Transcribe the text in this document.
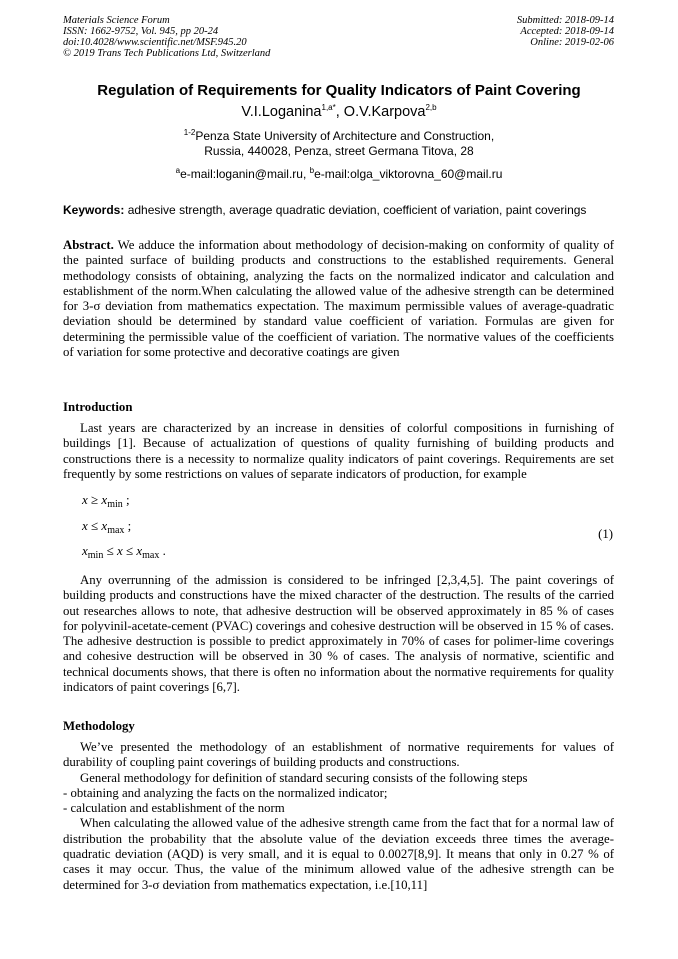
Materials Science Forum
ISSN: 1662-9752, Vol. 945, pp 20-24
doi:10.4028/www.scientific.net/MSF.945.20
© 2019 Trans Tech Publications Ltd, Switzerland
Submitted: 2018-09-14
Accepted: 2018-09-14
Online: 2019-02-06
Regulation of Requirements for Quality Indicators of Paint Covering
V.I.Loganina$^{1,a*}$, O.V.Karpova$^{2,b}$
$^{1-2}$Penza State University of Architecture and Construction,
Russia, 440028, Penza, street Germana Titova, 28
$^a$e-mail:loganin@mail.ru, $^b$e-mail:olga_viktorovna_60@mail.ru
Keywords: adhesive strength, average quadratic deviation, coefficient of variation, paint coverings

Abstract. We adduce the information about methodology of decision-making on conformity of quality of the painted surface of building products and constructions to the established requirements. General methodology consists of obtaining, analyzing the facts on the normalized indicator and calculation and establishment of the norm.When calculating the allowed value of the adhesive strength can be determined for 3-σ deviation from mathematics expectation. The maximum permissible values of average-quadratic deviation should be determined by standard value coefficient of variation. Formulas are given for determining the permissible value of the coefficient of variation. The normative values of the coefficients of variation for some protective and decorative coatings are given

Introduction

Last years are characterized by an increase in densities of colorful compositions in furnishing of buildings [1]. Because of actualization of questions of quality furnishing of building products and constructions there is a necessity to normalize quality indicators of paint coverings. Requirements are set frequently by some restrictions on values of separate indicators of production, for example

$x \ge x_{min}$ ;
$x \le x_{max}$ ;
$x_{min} \le x \le x_{max}$ .
(1)

Any overrunning of the admission is considered to be infringed [2,3,4,5]. The paint coverings of building products and constructions have the mixed character of the destruction. The results of the carried out researches allows to note, that adhesive destruction will be observed approximately in 85 % of cases for polyvinil-acetate-cement (PVAC) coverings and cohesive destruction will be observed in 15 % of cases. The adhesive destruction is possible to predict approximately in 70% of cases for polimer-lime coverings and cohesive destruction will be observed in 30 % of cases. The analysis of normative, scientific and technical documents shows, that there is often no information about the normative requirements for quality indicators of paint coverings [6,7].

Methodology

We’ve presented the methodology of an establishment of normative requirements for values of durability of coupling paint coverings of building products and constructions.

General methodology for definition of standard securing consists of the following steps

- obtaining and analyzing the facts on the normalized indicator;

- calculation and establishment of the norm

When calculating the allowed value of the adhesive strength came from the fact that for a normal law of distribution the probability that the absolute value of the deviation exceeds three times the average-quadratic deviation (AQD) is very small, and it is equal to 0.0027[8,9]. It means that only in 0.27 % of cases it may occur. Thus, the value of the minimum allowed value of the adhesive strength can be determined for 3-σ deviation from mathematics expectation, i.e.[10,11]
